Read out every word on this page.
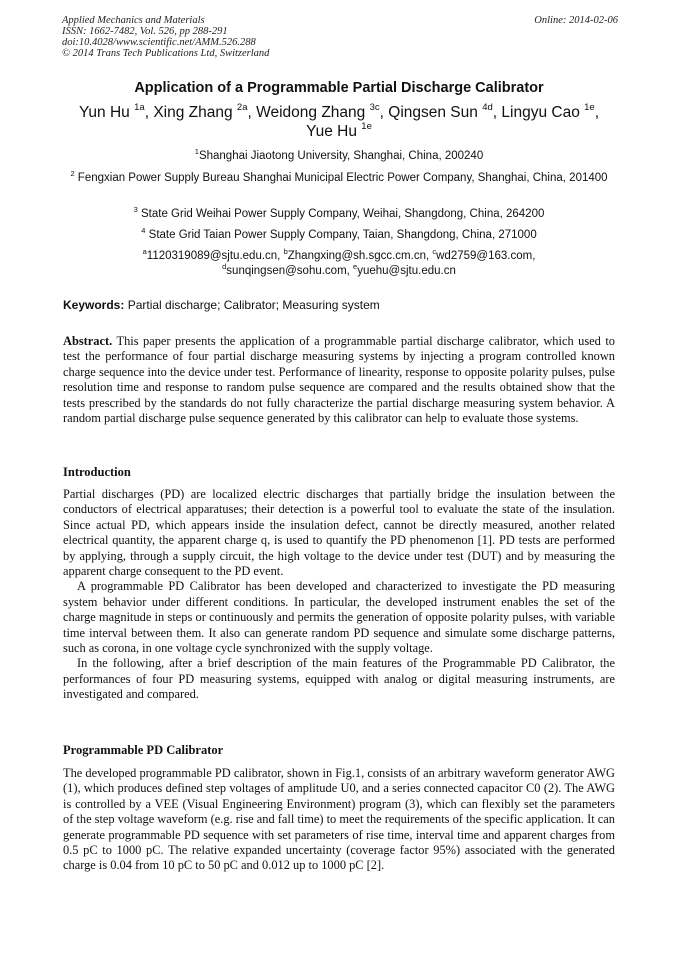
Applied Mechanics and Materials
ISSN: 1662-7482, Vol. 526, pp 288-291
doi:10.4028/www.scientific.net/AMM.526.288
© 2014 Trans Tech Publications Ltd, Switzerland
Online: 2014-02-06
Application of a Programmable Partial Discharge Calibrator
Yun Hu $^{1a}$, Xing Zhang $^{2a}$, Weidong Zhang $^{3c}$, Qingsen Sun $^{4d}$, Lingyu Cao $^{1e}$,
Yue Hu $^{1e}$
$^1$Shanghai Jiaotong University, Shanghai, China, 200240
$^2$ Fengxian Power Supply Bureau Shanghai Municipal Electric Power Company, Shanghai, China, 201400
$^3$ State Grid Weihai Power Supply Company, Weihai, Shangdong, China, 264200
$^4$ State Grid Taian Power Supply Company, Taian, Shangdong, China, 271000
$^a$1120319089@sjtu.edu.cn, $^b$Zhangxing@sh.sgcc.cm.cn, $^c$wd2759@163.com,
$^d$sunqingsen@sohu.com, $^e$yuehu@sjtu.edu.cn
Keywords: Partial discharge; Calibrator; Measuring system

Abstract. This paper presents the application of a programmable partial discharge calibrator, which used to test the performance of four partial discharge measuring systems by injecting a program controlled known charge sequence into the device under test. Performance of linearity, response to opposite polarity pulses, pulse resolution time and response to random pulse sequence are compared and the results obtained show that the tests prescribed by the standards do not fully characterize the partial discharge measuring system behavior. A random partial discharge pulse sequence generated by this calibrator can help to evaluate those systems.

Introduction

Partial discharges (PD) are localized electric discharges that partially bridge the insulation between the conductors of electrical apparatuses; their detection is a powerful tool to evaluate the state of the insulation. Since actual PD, which appears inside the insulation defect, cannot be directly measured, another related electrical quantity, the apparent charge q, is used to quantify the PD phenomenon [1]. PD tests are performed by applying, through a supply circuit, the high voltage to the device under test (DUT) and by measuring the apparent charge consequent to the PD event.

A programmable PD Calibrator has been developed and characterized to investigate the PD measuring system behavior under different conditions. In particular, the developed instrument enables the set of the charge magnitude in steps or continuously and permits the generation of opposite polarity pulses, with variable time interval between them. It also can generate random PD sequence and simulate some discharge patterns, such as corona, in one voltage cycle synchronized with the supply voltage.

In the following, after a brief description of the main features of the Programmable PD Calibrator, the performances of four PD measuring systems, equipped with analog or digital measuring instruments, are investigated and compared.

Programmable PD Calibrator

The developed programmable PD calibrator, shown in Fig.1, consists of an arbitrary waveform generator AWG (1), which produces defined step voltages of amplitude U0, and a series connected capacitor C0 (2). The AWG is controlled by a VEE (Visual Engineering Environment) program (3), which can flexibly set the parameters of the step voltage waveform (e.g. rise and fall time) to meet the requirements of the specific application. It can generate programmable PD sequence with set parameters of rise time, interval time and apparent charges from 0.5 pC to 1000 pC. The relative expanded uncertainty (coverage factor 95%) associated with the generated charge is 0.04 from 10 pC to 50 pC and 0.012 up to 1000 pC [2].
